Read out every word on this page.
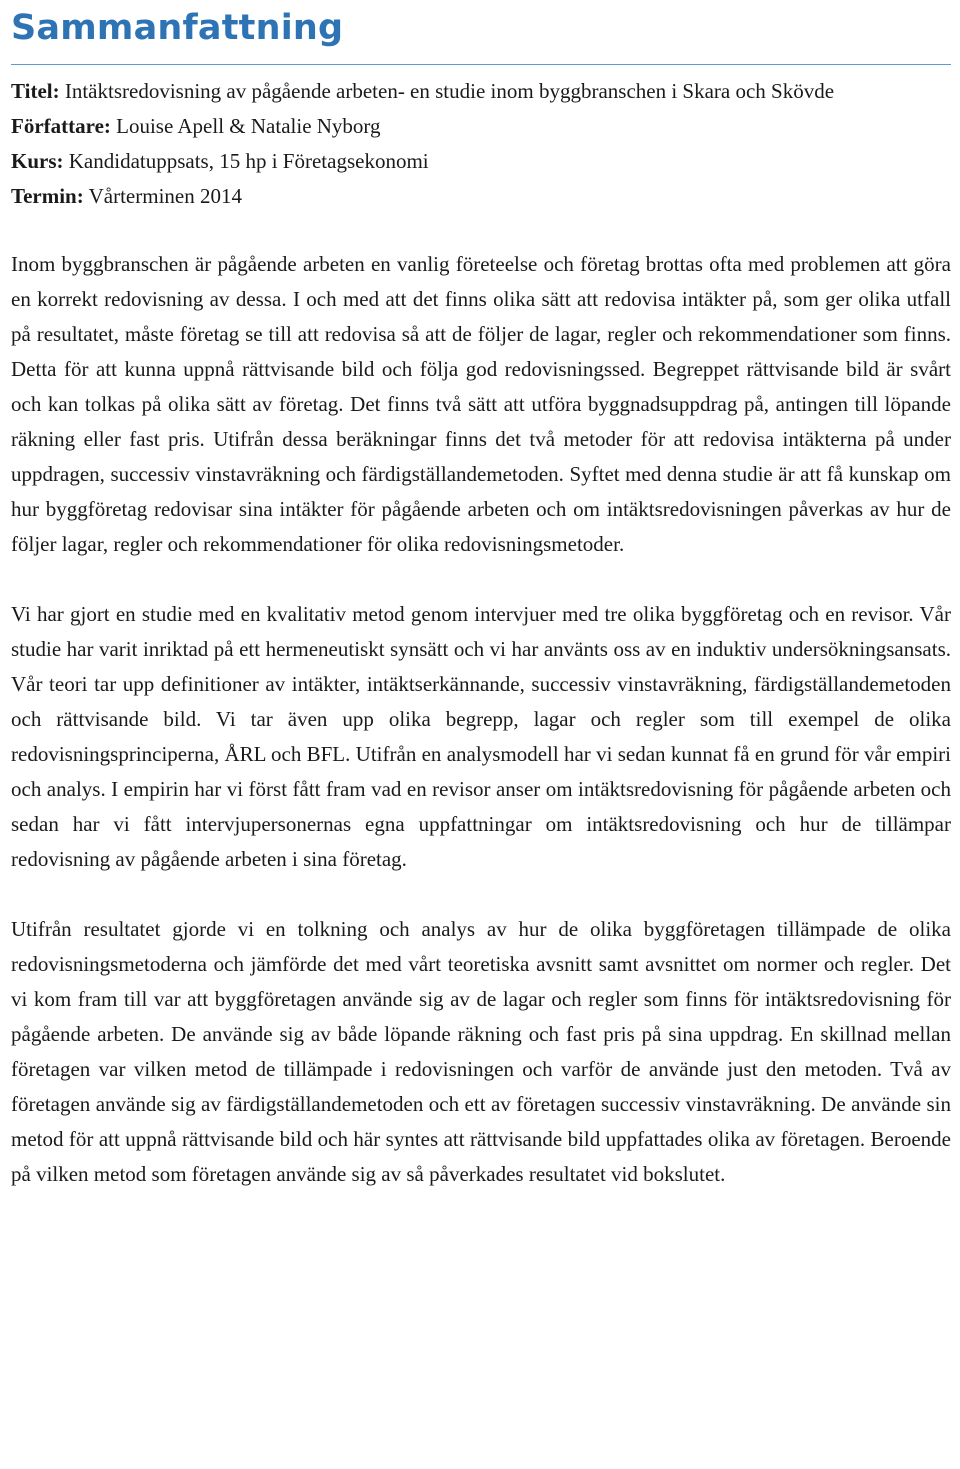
Sammanfattning

Titel: Intäktsredovisning av pågående arbeten- en studie inom byggbranschen i Skara och Skövde

Författare: Louise Apell & Natalie Nyborg

Kurs: Kandidatuppsats, 15 hp i Företagsekonomi

Termin: Vårterminen 2014

Inom byggbranschen är pågående arbeten en vanlig företeelse och företag brottas ofta med problemen att göra en korrekt redovisning av dessa. I och med att det finns olika sätt att redovisa intäkter på, som ger olika utfall på resultatet, måste företag se till att redovisa så att de följer de lagar, regler och rekommendationer som finns. Detta för att kunna uppnå rättvisande bild och följa god redovisningssed. Begreppet rättvisande bild är svårt och kan tolkas på olika sätt av företag. Det finns två sätt att utföra byggnadsuppdrag på, antingen till löpande räkning eller fast pris. Utifrån dessa beräkningar finns det två metoder för att redovisa intäkterna på under uppdragen, successiv vinstavräkning och färdigställandemetoden. Syftet med denna studie är att få kunskap om hur byggföretag redovisar sina intäkter för pågående arbeten och om intäktsredovisningen påverkas av hur de följer lagar, regler och rekommendationer för olika redovisningsmetoder.

Vi har gjort en studie med en kvalitativ metod genom intervjuer med tre olika byggföretag och en revisor. Vår studie har varit inriktad på ett hermeneutiskt synsätt och vi har använts oss av en induktiv undersökningsansats. Vår teori tar upp definitioner av intäkter, intäktserkännande, successiv vinstavräkning, färdigställandemetoden och rättvisande bild. Vi tar även upp olika begrepp, lagar och regler som till exempel de olika redovisningsprinciperna, ÅRL och BFL. Utifrån en analysmodell har vi sedan kunnat få en grund för vår empiri och analys. I empirin har vi först fått fram vad en revisor anser om intäktsredovisning för pågående arbeten och sedan har vi fått intervjupersonernas egna uppfattningar om intäktsredovisning och hur de tillämpar redovisning av pågående arbeten i sina företag.

Utifrån resultatet gjorde vi en tolkning och analys av hur de olika byggföretagen tillämpade de olika redovisningsmetoderna och jämförde det med vårt teoretiska avsnitt samt avsnittet om normer och regler. Det vi kom fram till var att byggföretagen använde sig av de lagar och regler som finns för intäktsredovisning för pågående arbeten. De använde sig av både löpande räkning och fast pris på sina uppdrag. En skillnad mellan företagen var vilken metod de tillämpade i redovisningen och varför de använde just den metoden. Två av företagen använde sig av färdigställandemetoden och ett av företagen successiv vinstavräkning. De använde sin metod för att uppnå rättvisande bild och här syntes att rättvisande bild uppfattades olika av företagen. Beroende på vilken metod som företagen använde sig av så påverkades resultatet vid bokslutet.
